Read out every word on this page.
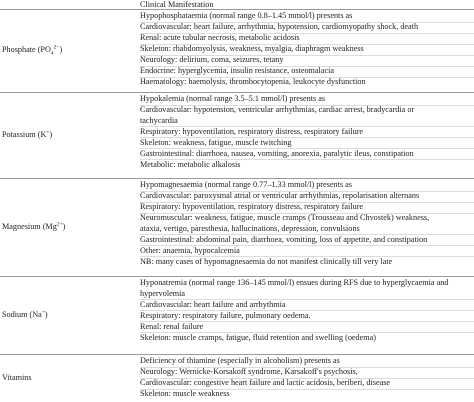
Clinical Manifestation
Phosphate $(PO_4^{2-})$
Hypophosphataemia (normal range 0.8–1.45 mmol/l) presents as
Cardiovascular: heart failure, arrhythmia, hypotension, cardiomyopathy shock, death
Renal: acute tubular necrosis, metabolic acidosis
Skeleton: rhabdomyolysis, weakness, myalgia, diaphragm weakness
Neurology: delirium, coma, seizures, tetany
Endocrine: hyperglycemia, insulin resistance, osteomalacia
Haematology: haemolysis, thrombocytopenia, leukocyte dysfunction
Potassium (K+)
Hypokalemia (normal range 3.5–5.1 mmol/l) presents as
Cardiovascular: hypotension, ventricular arrhythmias, cardiac arrest, bradycardia or
tachycardia
Respiratory: hypoventilation, respiratory distress, respiratory failure
Skeleton: weakness, fatigue, muscle twitching
Gastrointestinal: diarrhoea, nausea, vomiting, anorexia, paralytic ileus, constipation
Metabolic: metabolic alkalosis
Magnesium $(Mg^{2+})$
Hypomagnesaemia (normal range 0.77–1.33 mmol/l) presents as
Cardiovascular: paroxysmal atrial or ventricular arrhythmias, repolarisation alternans
Respiratory: hypoventilation, respiratory distress, respiratory failure
Neuromuscular: weakness, fatigue, muscle cramps (Trousseau and Chvostek) weakness,
ataxia, vertigo, paresthesia, hallucinations, depression, convulsions
Gastrointestinal: abdominal pain, diarrhoea, vomiting, loss of appetite, and constipation
Other: anaemia, hypocalcemia
NB: many cases of hypomagnesaemia do not manifest clinically till very late
Sodium (Na+)
Hyponatremia (normal range 136–145 mmol/l) ensues during RFS due to hyperglycaemia and
hypervolemia
Cardiovascular: heart failure and arrhythmia
Respiratory: respiratory failure, pulmonary oedema.
Renal: renal failure
Skeleton: muscle cramps, fatigue, fluid retention and swelling (oedema)
Vitamins
Deficiency of thiamine (especially in alcoholism) presents as
Neurology: Wernicke-Korsakoff syndrome, Karsakoff's psychosis,
Cardiovascular: congestive heart failure and lactic acidosis, beriberi, disease
Skeleton: muscle weakness
